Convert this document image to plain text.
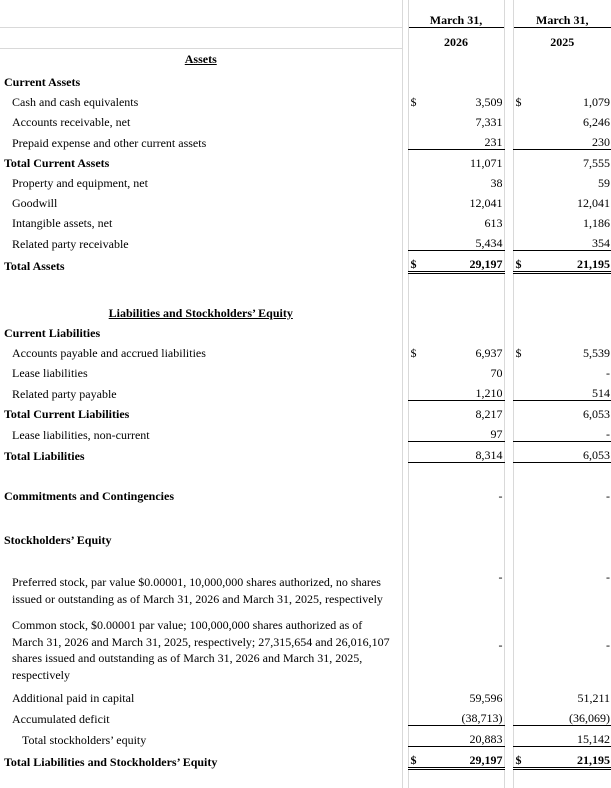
		March 31,			March 31,	
		2026			2025	
Assets						
Current Assets						
Cash and cash equivalents		$	3,509		$	1,079
Accounts receivable, net			7,331			6,246
Prepaid expense and other current assets			231			230
Total Current Assets			11,071			7,555
Property and equipment, net			38			59
Goodwill			12,041			12,041
Intangible assets, net			613			1,186
Related party receivable			5,434			354
Total Assets		$	29,197		$	21,195

Liabilities and Stockholders’ Equity						
Current Liabilities						
Accounts payable and accrued liabilities		$	6,937		$	5,539
Lease liabilities			70			-
Related party payable			1,210			514
Total Current Liabilities			8,217			6,053
Lease liabilities, non-current			97			-
Total Liabilities			8,314			6,053
Commitments and Contingencies			-			-
Stockholders’ Equity						
Preferred stock, par value $0.00001, 10,000,000 shares authorized, no shares issued or outstanding as of March 31, 2026 and March 31, 2025, respectively			-			-
Common stock, $0.00001 par value; 100,000,000 shares authorized as of March 31, 2026 and March 31, 2025, respectively; 27,315,654 and 26,016,107 shares issued and outstanding as of March 31, 2026 and March 31, 2025, respectively			-			-
Additional paid in capital			59,596			51,211
Accumulated deficit			(38,713)			(36,069)
Total stockholders’ equity			20,883			15,142
Total Liabilities and Stockholders’ Equity		$	29,197		$	21,195
